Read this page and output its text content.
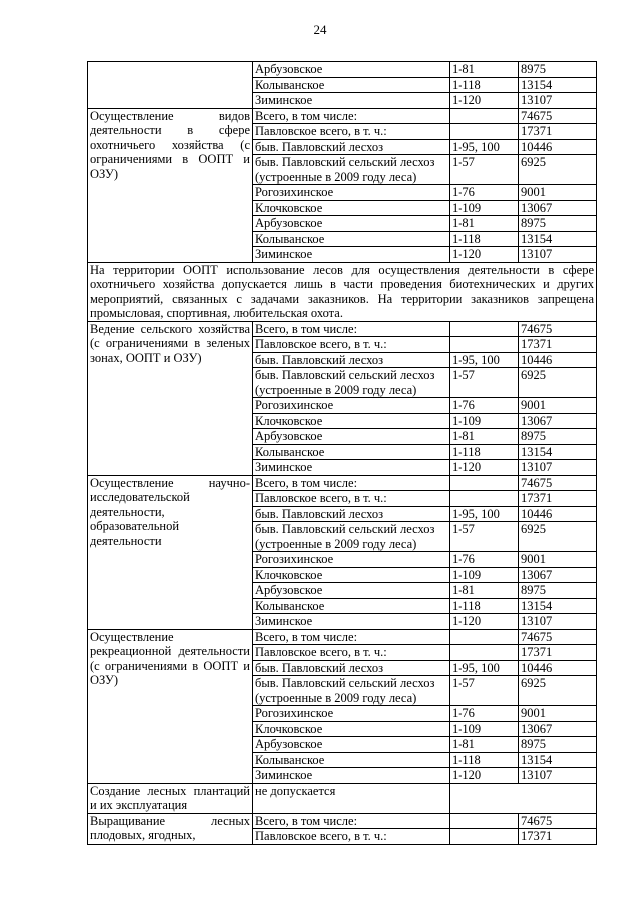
24
	Арбузовское	1-81	8975
	Колыванское	1-118	13154
	Зиминское	1-120	13107
Осуществление видов деятельности в сфере охотничьего хозяйства (с ограничениями в ООПТ и ОЗУ)	Всего, в том числе:		74675
	Павловское всего, в т. ч.:		17371
	быв. Павловский лесхоз	1-95, 100	10446
	быв. Павловский сельский лесхоз (устроенные в 2009 году леса)	1-57	6925
	Рогозихинское	1-76	9001
	Клочковское	1-109	13067
	Арбузовское	1-81	8975
	Колыванское	1-118	13154
	Зиминское	1-120	13107
На территории ООПТ использование лесов для осуществления деятельности в сфере охотничьего хозяйства допускается лишь в части проведения биотехнических и других мероприятий, связанных с задачами заказников. На территории заказников запрещена промысловая, спортивная, любительская охота.			
Ведение сельского хозяйства (с ограничениями в зеленых зонах, ООПТ и ОЗУ)	Всего, в том числе:		74675
	Павловское всего, в т. ч.:		17371
	быв. Павловский лесхоз	1-95, 100	10446
	быв. Павловский сельский лесхоз (устроенные в 2009 году леса)	1-57	6925
	Рогозихинское	1-76	9001
	Клочковское	1-109	13067
	Арбузовское	1-81	8975
	Колыванское	1-118	13154
	Зиминское	1-120	13107
Осуществление научно-исследовательской деятельности, образовательной деятельности	Всего, в том числе:		74675
	Павловское всего, в т. ч.:		17371
	быв. Павловский лесхоз	1-95, 100	10446
	быв. Павловский сельский лесхоз (устроенные в 2009 году леса)	1-57	6925
	Рогозихинское	1-76	9001
	Клочковское	1-109	13067
	Арбузовское	1-81	8975
	Колыванское	1-118	13154
	Зиминское	1-120	13107
Осуществление рекреационной деятельности (с ограничениями в ООПТ и ОЗУ)	Всего, в том числе:		74675
	Павловское всего, в т. ч.:		17371
	быв. Павловский лесхоз	1-95, 100	10446
	быв. Павловский сельский лесхоз (устроенные в 2009 году леса)	1-57	6925
	Рогозихинское	1-76	9001
	Клочковское	1-109	13067
	Арбузовское	1-81	8975
	Колыванское	1-118	13154
	Зиминское	1-120	13107
Создание лесных плантаций и их эксплуатация	не допускается		
Выращивание лесных плодовых, ягодных,	Всего, в том числе:		74675
	Павловское всего, в т. ч.:		17371
